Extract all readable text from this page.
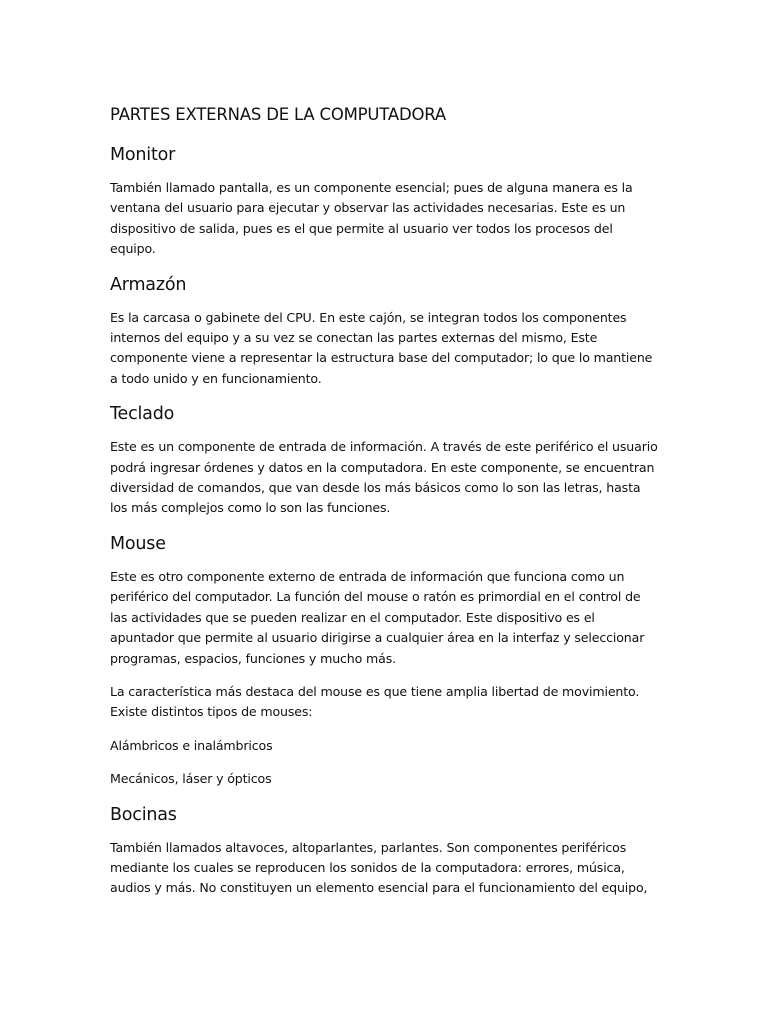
PARTES EXTERNAS DE LA COMPUTADORA
Monitor

También llamado pantalla, es un componente esencial; pues de alguna manera es la ventana del usuario para ejecutar y observar las actividades necesarias. Este es un dispositivo de salida, pues es el que permite al usuario ver todos los procesos del equipo.

Armazón

Es la carcasa o gabinete del CPU. En este cajón, se integran todos los componentes internos del equipo y a su vez se conectan las partes externas del mismo, Este componente viene a representar la estructura base del computador; lo que lo mantiene a todo unido y en funcionamiento.

Teclado

Este es un componente de entrada de información. A través de este periférico el usuario podrá ingresar órdenes y datos en la computadora. En este componente, se encuentran diversidad de comandos, que van desde los más básicos como lo son las letras, hasta los más complejos como lo son las funciones.

Mouse

Este es otro componente externo de entrada de información que funciona como un periférico del computador. La función del mouse o ratón es primordial en el control de las actividades que se pueden realizar en el computador. Este dispositivo es el apuntador que permite al usuario dirigirse a cualquier área en la interfaz y seleccionar programas, espacios, funciones y mucho más.

La característica más destaca del mouse es que tiene amplia libertad de movimiento. Existe distintos tipos de mouses:

Alámbricos e inalámbricos

Mecánicos, láser y ópticos

Bocinas

También llamados altavoces, altoparlantes, parlantes. Son componentes periféricos mediante los cuales se reproducen los sonidos de la computadora: errores, música, audios y más. No constituyen un elemento esencial para el funcionamiento del equipo,
